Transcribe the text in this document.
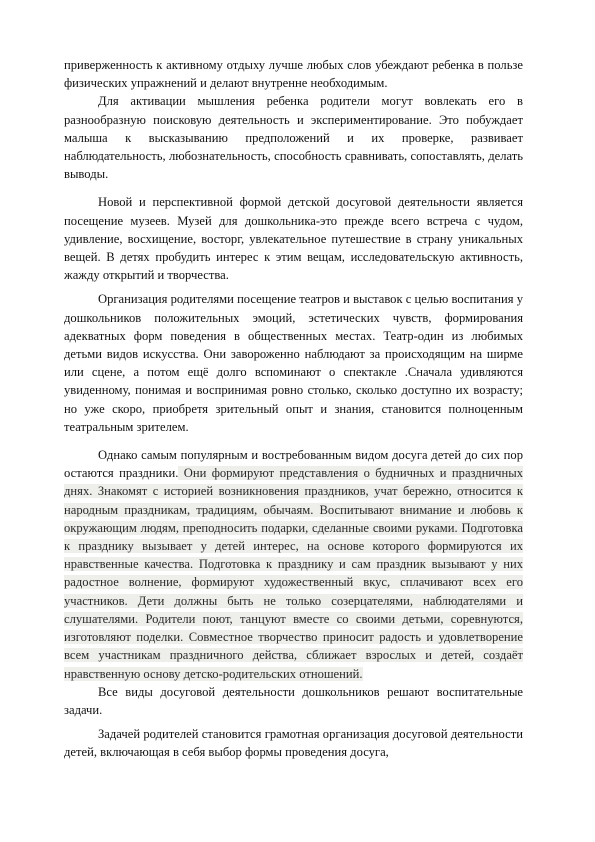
приверженность к активному отдыху лучше любых слов убеждают ребенка в пользе физических упражнений и делают внутренне необходимым.

Для активации мышления ребенка родители могут вовлекать его в разнообразную поисковую деятельность и экспериментирование. Это побуждает малыша к высказыванию предположений и их проверке, развивает наблюдательность, любознательность, способность сравнивать, сопоставлять, делать выводы.

Новой и перспективной формой детской досуговой деятельности является посещение музеев. Музей для дошкольника-это прежде всего встреча с чудом, удивление, восхищение, восторг, увлекательное путешествие в страну уникальных вещей. В детях пробудить интерес к этим вещам, исследовательскую активность, жажду открытий и творчества.

Организация родителями посещение театров и выставок с целью воспитания у дошкольников положительных эмоций, эстетических чувств, формирования адекватных форм поведения в общественных местах. Театр-один из любимых детьми видов искусства. Они завороженно наблюдают за происходящим на ширме или сцене, а потом ещё долго вспоминают о спектакле .Сначала удивляются увиденному, понимая и воспринимая ровно столько, сколько доступно их возрасту; но уже скоро, приобретя зрительный опыт и знания, становится полноценным театральным зрителем.

Однако самым популярным и востребованным видом досуга детей до сих пор остаются праздники. Они формируют представления о будничных и праздничных днях. Знакомят с историей возникновения праздников, учат бережно, относится к народным праздникам, традициям, обычаям. Воспитывают внимание и любовь к окружающим людям, преподносить подарки, сделанные своими руками. Подготовка к празднику вызывает у детей интерес, на основе которого формируются их нравственные качества. Подготовка к празднику и сам праздник вызывают у них радостное волнение, формируют художественный вкус, сплачивают всех его участников. Дети должны быть не только созерцателями, наблюдателями и слушателями. Родители поют, танцуют вместе со своими детьми, соревнуются, изготовляют поделки. Совместное творчество приносит радость и удовлетворение всем участникам праздничного действа, сближает взрослых и детей, создаёт нравственную основу детско-родительских отношений.

Все виды досуговой деятельности дошкольников решают воспитательные задачи.

Задачей родителей становится грамотная организация досуговой деятельности детей, включающая в себя выбор формы проведения досуга,
